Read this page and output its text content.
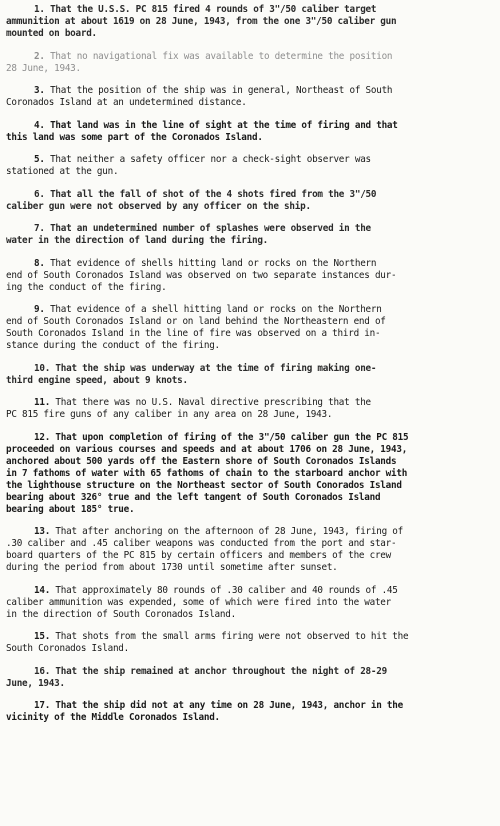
1. That the U.S.S. PC 815 fired 4 rounds of 3"/50 caliber target
ammunition at about 1619 on 28 June, 1943, from the one 3"/50 caliber gun
mounted on board.
2. That no navigational fix was available to determine the position
28 June, 1943.
3. That the position of the ship was in general, Northeast of South
Coronados Island at an undetermined distance.
4. That land was in the line of sight at the time of firing and that
this land was some part of the Coronados Island.
5. That neither a safety officer nor a check-sight observer was
stationed at the gun.
6. That all the fall of shot of the 4 shots fired from the 3"/50
caliber gun were not observed by any officer on the ship.
7. That an undetermined number of splashes were observed in the
water in the direction of land during the firing.
8. That evidence of shells hitting land or rocks on the Northern
end of South Coronados Island was observed on two separate instances dur-
ing the conduct of the firing.
9. That evidence of a shell hitting land or rocks on the Northern
end of South Coronados Island or on land behind the Northeastern end of
South Coronados Island in the line of fire was observed on a third in-
stance during the conduct of the firing.
10. That the ship was underway at the time of firing making one-
third engine speed, about 9 knots.
11. That there was no U.S. Naval directive prescribing that the
PC 815 fire guns of any caliber in any area on 28 June, 1943.
12. That upon completion of firing of the 3"/50 caliber gun the PC 815
proceeded on various courses and speeds and at about 1706 on 28 June, 1943,
anchored about 500 yards off the Eastern shore of South Coronados Islands
in 7 fathoms of water with 65 fathoms of chain to the starboard anchor with
the lighthouse structure on the Northeast sector of South Conorados Island
bearing about 326° true and the left tangent of South Coronados Island
bearing about 185° true.
13. That after anchoring on the afternoon of 28 June, 1943, firing of
.30 caliber and .45 caliber weapons was conducted from the port and star-
board quarters of the PC 815 by certain officers and members of the crew
during the period from about 1730 until sometime after sunset.
14. That approximately 80 rounds of .30 caliber and 40 rounds of .45
caliber ammunition was expended, some of which were fired into the water
in the direction of South Coronados Island.
15. That shots from the small arms firing were not observed to hit the
South Coronados Island.
16. That the ship remained at anchor throughout the night of 28-29
June, 1943.
17. That the ship did not at any time on 28 June, 1943, anchor in the
vicinity of the Middle Coronados Island.
